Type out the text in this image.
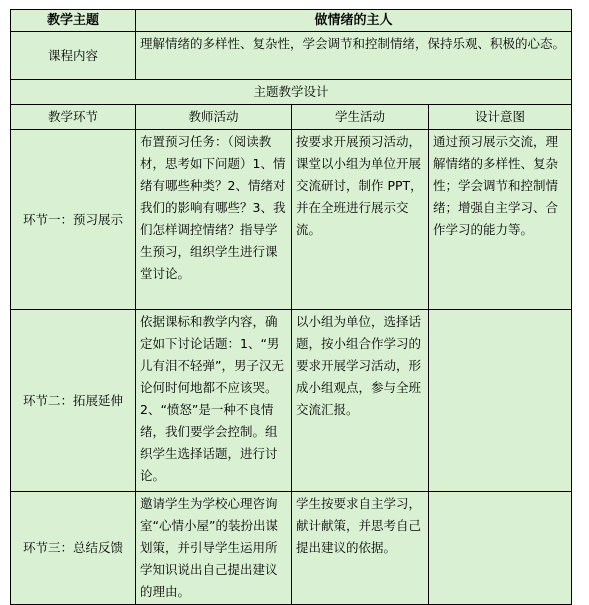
教学主题	做情绪的主人		
课程内容	理解情绪的多样性、复杂性，学会调节和控制情绪，保持乐观、积极的心态。		
主题教学设计			
教学环节	教师活动	学生活动	设计意图
环节一：预习展示	布置预习任务：（阅读教材，思考如下问题）1、情绪有哪些种类？2、情绪对我们的影响有哪些？3、我们怎样调控情绪？指导学生预习，组织学生进行课堂讨论。	按要求开展预习活动，课堂以小组为单位开展交流研讨，制作 PPT，并在全班进行展示交流。	通过预习展示交流，理解情绪的多样性、复杂性；学会调节和控制情绪；增强自主学习、合作学习的能力等。
环节二：拓展延伸	依据课标和教学内容，确定如下讨论话题：1、“男儿有泪不轻弹”，男子汉无论何时何地都不应该哭。2、“愤怒”是一种不良情绪，我们要学会控制。组织学生选择话题，进行讨论。	以小组为单位，选择话题，按小组合作学习的要求开展学习活动，形成小组观点，参与全班交流汇报。	
环节三：总结反馈	邀请学生为学校心理咨询室“心情小屋”的装扮出谋划策，并引导学生运用所学知识说出自己提出建议的理由。	学生按要求自主学习，献计献策，并思考自己提出建议的依据。	
